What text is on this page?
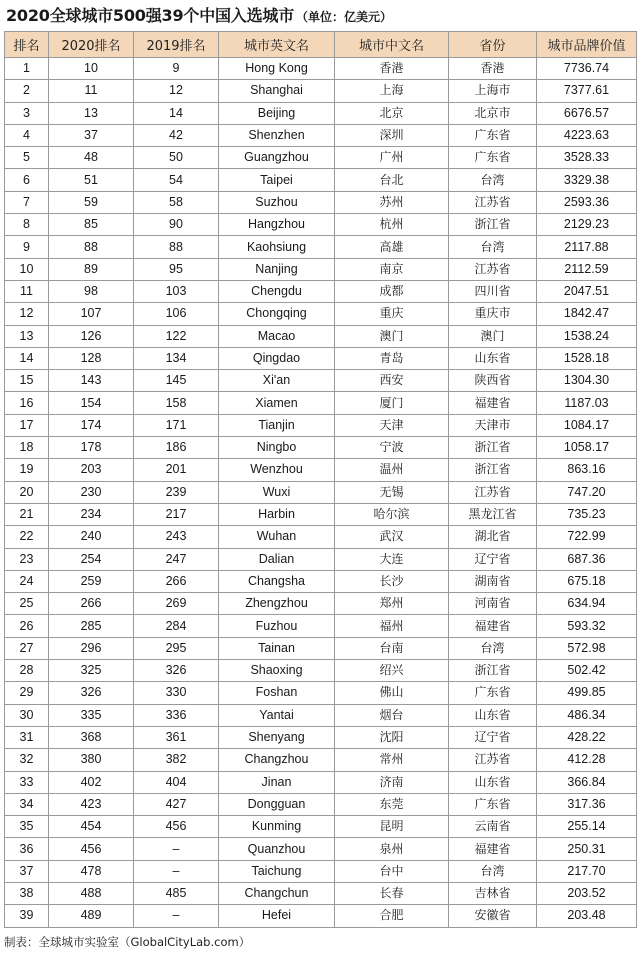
2020全球城市500强39个中国入选城市 （单位：亿美元）
排名	2020排名	2019排名	城市英文名	城市中文名	省份	城市品牌价值
1	10	9	Hong Kong	香港	香港	7736.74
2	11	12	Shanghai	上海	上海市	7377.61
3	13	14	Beijing	北京	北京市	6676.57
4	37	42	Shenzhen	深圳	广东省	4223.63
5	48	50	Guangzhou	广州	广东省	3528.33
6	51	54	Taipei	台北	台湾	3329.38
7	59	58	Suzhou	苏州	江苏省	2593.36
8	85	90	Hangzhou	杭州	浙江省	2129.23
9	88	88	Kaohsiung	高雄	台湾	2117.88
10	89	95	Nanjing	南京	江苏省	2112.59
11	98	103	Chengdu	成都	四川省	2047.51
12	107	106	Chongqing	重庆	重庆市	1842.47
13	126	122	Macao	澳门	澳门	1538.24
14	128	134	Qingdao	青岛	山东省	1528.18
15	143	145	Xi'an	西安	陕西省	1304.30
16	154	158	Xiamen	厦门	福建省	1187.03
17	174	171	Tianjin	天津	天津市	1084.17
18	178	186	Ningbo	宁波	浙江省	1058.17
19	203	201	Wenzhou	温州	浙江省	863.16
20	230	239	Wuxi	无锡	江苏省	747.20
21	234	217	Harbin	哈尔滨	黑龙江省	735.23
22	240	243	Wuhan	武汉	湖北省	722.99
23	254	247	Dalian	大连	辽宁省	687.36
24	259	266	Changsha	长沙	湖南省	675.18
25	266	269	Zhengzhou	郑州	河南省	634.94
26	285	284	Fuzhou	福州	福建省	593.32
27	296	295	Tainan	台南	台湾	572.98
28	325	326	Shaoxing	绍兴	浙江省	502.42
29	326	330	Foshan	佛山	广东省	499.85
30	335	336	Yantai	烟台	山东省	486.34
31	368	361	Shenyang	沈阳	辽宁省	428.22
32	380	382	Changzhou	常州	江苏省	412.28
33	402	404	Jinan	济南	山东省	366.84
34	423	427	Dongguan	东莞	广东省	317.36
35	454	456	Kunming	昆明	云南省	255.14
36	456	–	Quanzhou	泉州	福建省	250.31
37	478	–	Taichung	台中	台湾	217.70
38	488	485	Changchun	长春	吉林省	203.52
39	489	–	Hefei	合肥	安徽省	203.48
制表：全球城市实验室（GlobalCityLab.com）
